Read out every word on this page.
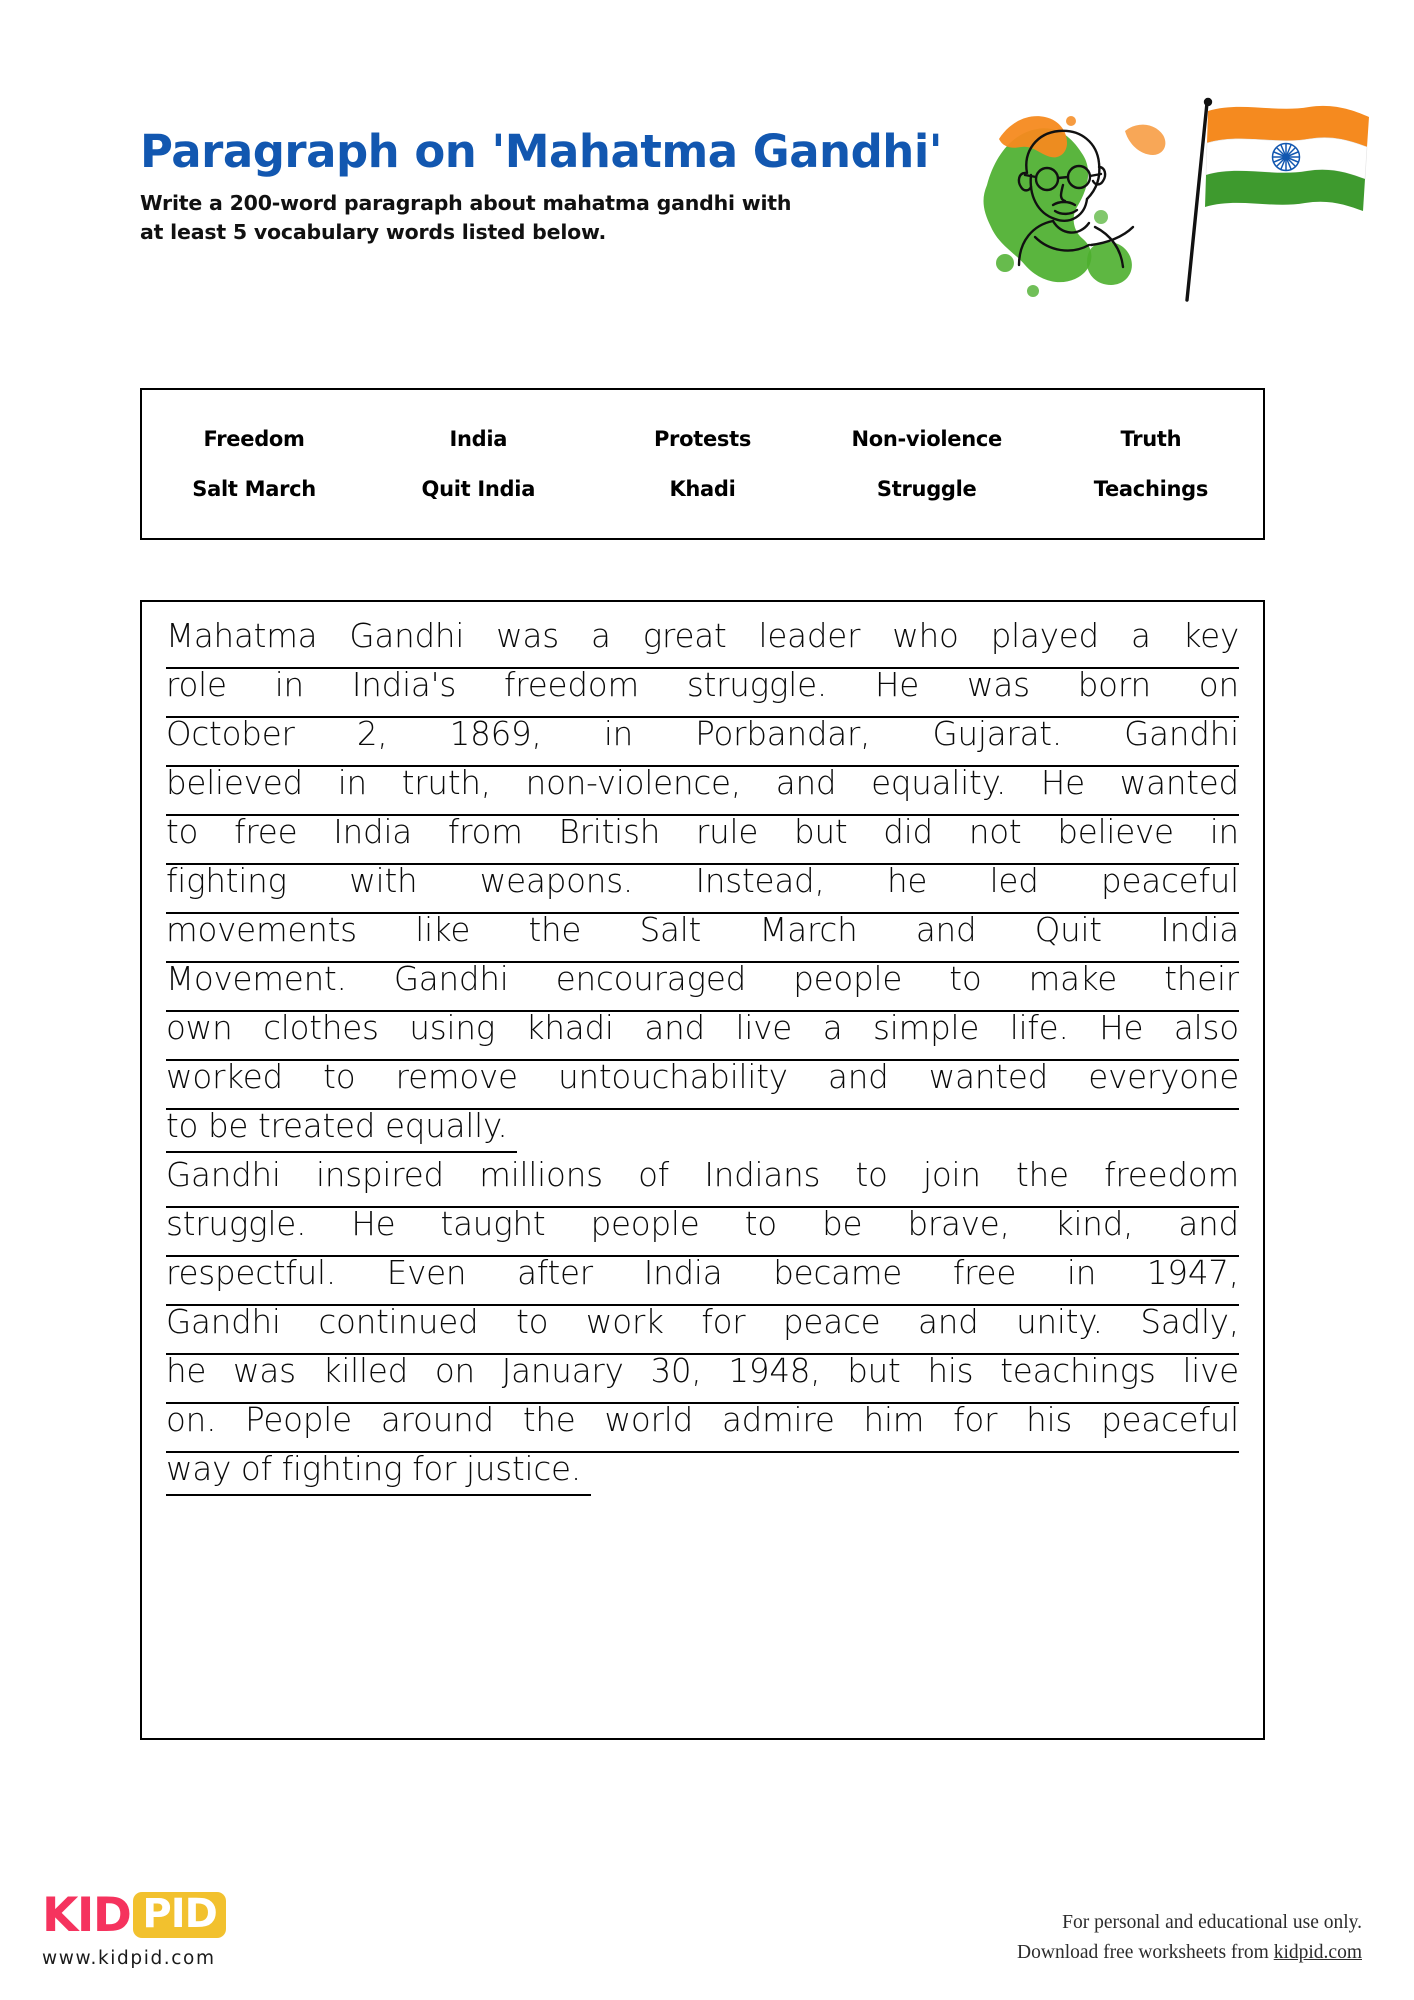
Paragraph on 'Mahatma Gandhi'

Write a 200-word paragraph about mahatma gandhi with
at least 5 vocabulary words listed below.

Freedom	India	Protests	Non-violence	Truth
Salt March	Quit India	Khadi	Struggle	Teachings
Mahatma Gandhi was a great leader who played a key
role in India's freedom struggle. He was born on
October 2, 1869, in Porbandar, Gujarat. Gandhi
believed in truth, non-violence, and equality. He wanted
to free India from British rule but did not believe in
fighting with weapons. Instead, he led peaceful
movements like the Salt March and Quit India
Movement. Gandhi encouraged people to make their
own clothes using khadi and live a simple life. He also
worked to remove untouchability and wanted everyone
to be treated equally.
Gandhi inspired millions of Indians to join the freedom
struggle. He taught people to be brave, kind, and
respectful. Even after India became free in 1947,
Gandhi continued to work for peace and unity. Sadly,
he was killed on January 30, 1948, but his teachings live
on. People around the world admire him for his peaceful
way of fighting for justice.
KID PID
www.kidpid.com
For personal and educational use only.
Download free worksheets from kidpid.com
